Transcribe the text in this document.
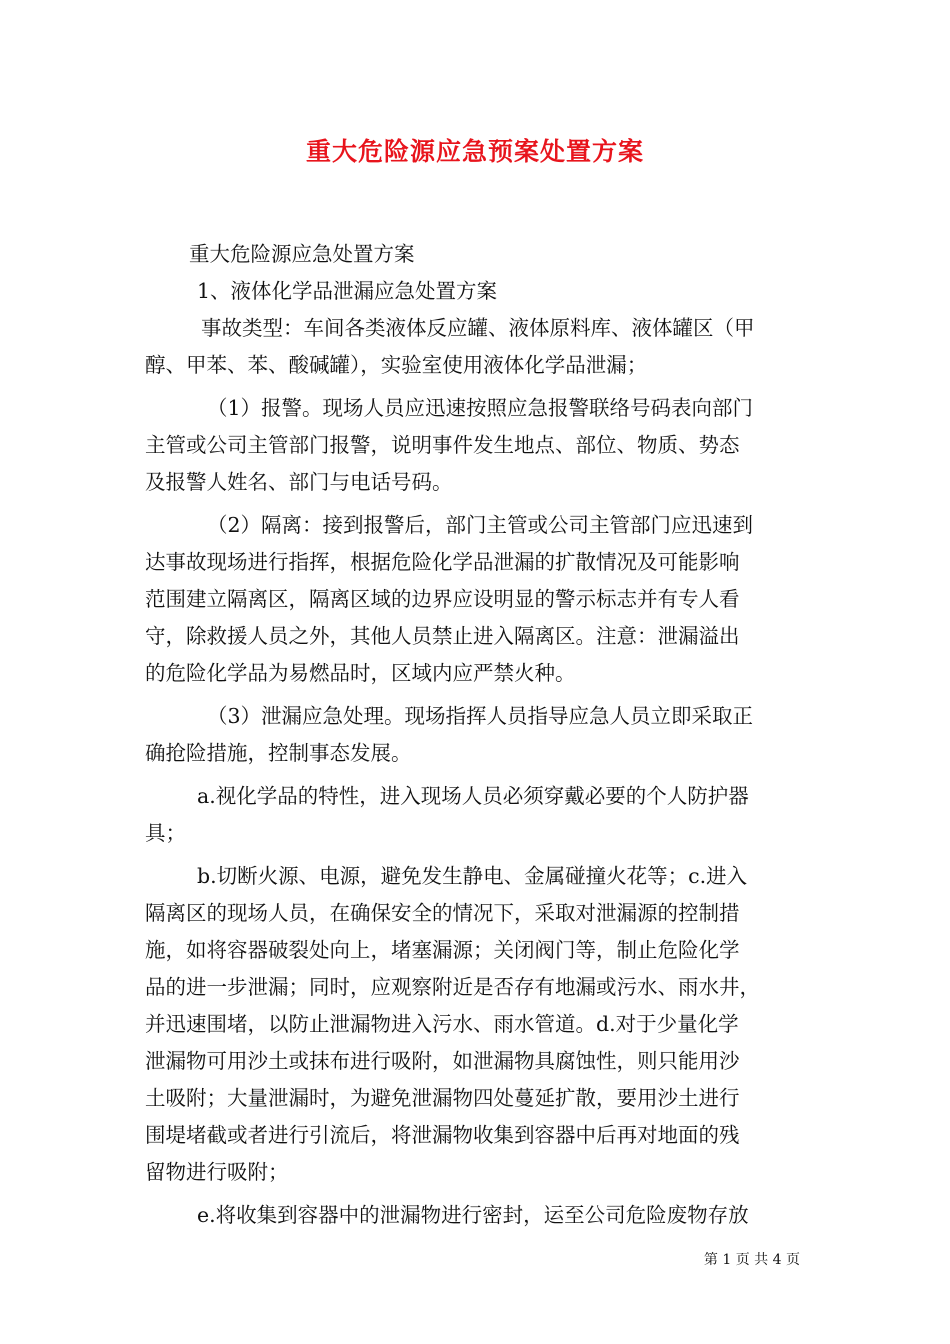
重大危险源应急预案处置方案
重大危险源应急处置方案
1、液体化学品泄漏应急处置方案
事故类型：车间各类液体反应罐、液体原料库、液体罐区（甲
醇、甲苯、苯、酸碱罐），实验室使用液体化学品泄漏；
（1）报警。现场人员应迅速按照应急报警联络号码表向部门
主管或公司主管部门报警，说明事件发生地点、部位、物质、势态
及报警人姓名、部门与电话号码。
（2）隔离：接到报警后，部门主管或公司主管部门应迅速到
达事故现场进行指挥，根据危险化学品泄漏的扩散情况及可能影响
范围建立隔离区，隔离区域的边界应设明显的警示标志并有专人看
守，除救援人员之外，其他人员禁止进入隔离区。注意：泄漏溢出
的危险化学品为易燃品时，区域内应严禁火种。
（3）泄漏应急处理。现场指挥人员指导应急人员立即采取正
确抢险措施，控制事态发展。
a.视化学品的特性，进入现场人员必须穿戴必要的个人防护器
具；
b.切断火源、电源，避免发生静电、金属碰撞火花等；c.进入
隔离区的现场人员，在确保安全的情况下，采取对泄漏源的控制措
施，如将容器破裂处向上，堵塞漏源；关闭阀门等，制止危险化学
品的进一步泄漏；同时，应观察附近是否存有地漏或污水、雨水井，
并迅速围堵，以防止泄漏物进入污水、雨水管道。d.对于少量化学
泄漏物可用沙土或抹布进行吸附，如泄漏物具腐蚀性，则只能用沙
土吸附；大量泄漏时，为避免泄漏物四处蔓延扩散，要用沙土进行
围堤堵截或者进行引流后，将泄漏物收集到容器中后再对地面的残
留物进行吸附；
e.将收集到容器中的泄漏物进行密封，运至公司危险废物存放
第 1 页 共 4 页
